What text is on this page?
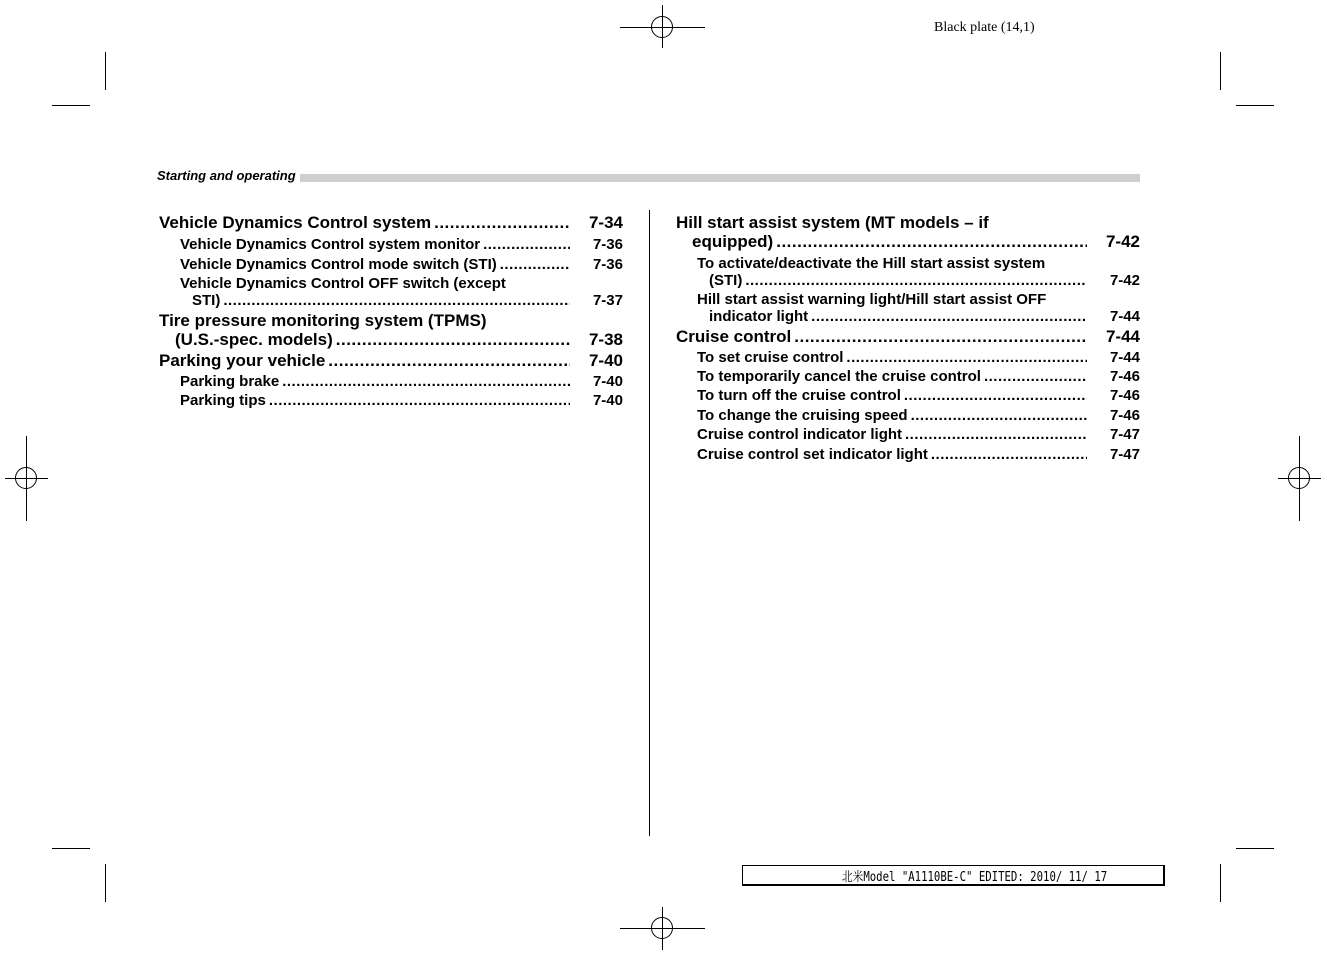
Black plate (14,1)
Starting and operating
Vehicle Dynamics Control system .....	7-34
Vehicle Dynamics Control system monitor .....	7-36
Vehicle Dynamics Control mode switch (STI) .....	7-36
Vehicle Dynamics Control OFF switch (except
STI) .....	7-37
Tire pressure monitoring system (TPMS)
(U.S.-spec. models) .....	7-38
Parking your vehicle .....	7-40
Parking brake .....	7-40
Parking tips .....	7-40
Hill start assist system (MT models – if
equipped) .....	7-42
To activate/deactivate the Hill start assist system
(STI) .....	7-42
Hill start assist warning light/Hill start assist OFF
indicator light .....	7-44
Cruise control .....	7-44
To set cruise control .....	7-44
To temporarily cancel the cruise control .....	7-46
To turn off the cruise control .....	7-46
To change the cruising speed .....	7-46
Cruise control indicator light .....	7-47
Cruise control set indicator light .....	7-47
北米Model "A1110BE-C" EDITED: 2010/ 11/ 17
